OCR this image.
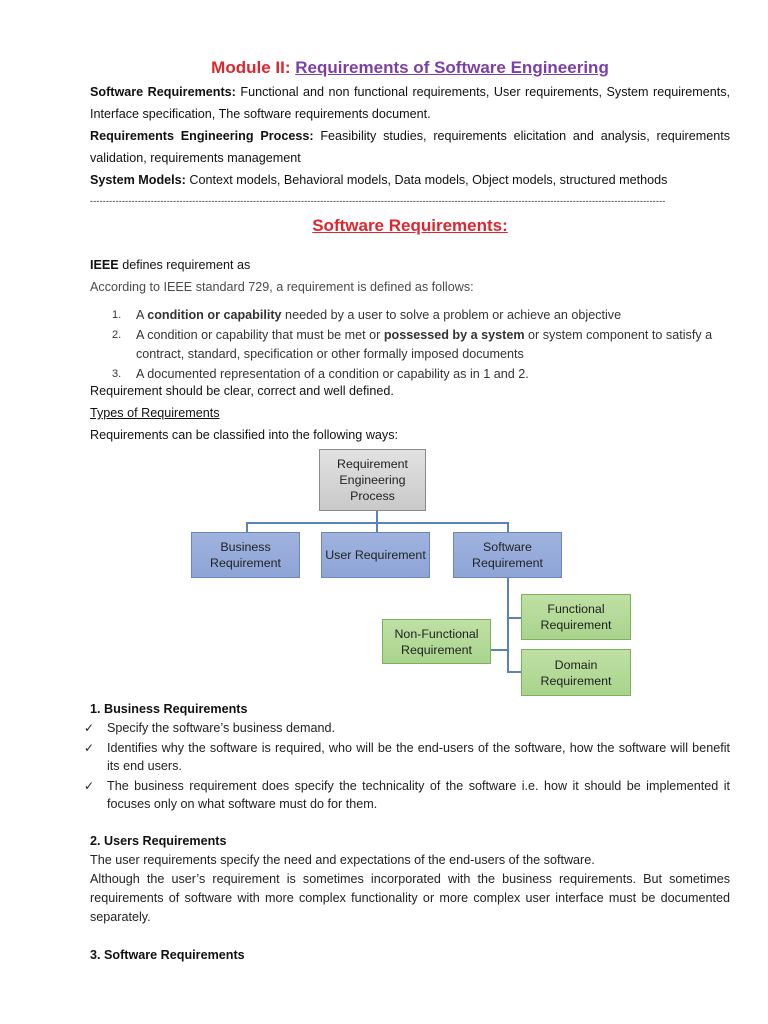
Module II: Requirements of Software Engineering
Software Requirements: Functional and non functional requirements, User requirements, System requirements, Interface specification, The software requirements document.
Requirements Engineering Process: Feasibility studies, requirements elicitation and analysis, requirements validation, requirements management
System Models: Context models, Behavioral models, Data models, Object models, structured methods
------------------------------------------------------------------------------------------------------------------------------------------------------------------------------------
Software Requirements:
IEEE defines requirement as
According to IEEE standard 729, a requirement is defined as follows:
1. A condition or capability needed by a user to solve a problem or achieve an objective
2. A condition or capability that must be met or possessed by a system or system component to satisfy a contract, standard, specification or other formally imposed documents
3. A documented representation of a condition or capability as in 1 and 2.
Requirement should be clear, correct and well defined.
Types of Requirements
Requirements can be classified into the following ways:
Requirement Engineering Process
Business Requirement
User Requirement
Software Requirement
Non-Functional Requirement
Functional Requirement
Domain Requirement
1. Business Requirements
✓ Specify the software’s business demand.
✓ Identifies why the software is required, who will be the end-users of the software, how the software will benefit its end users.
✓ The business requirement does specify the technicality of the software i.e. how it should be implemented it focuses only on what software must do for them.
2. Users Requirements
The user requirements specify the need and expectations of the end-users of the software.
Although the user’s requirement is sometimes incorporated with the business requirements. But sometimes requirements of software with more complex functionality or more complex user interface must be documented separately.
3. Software Requirements
